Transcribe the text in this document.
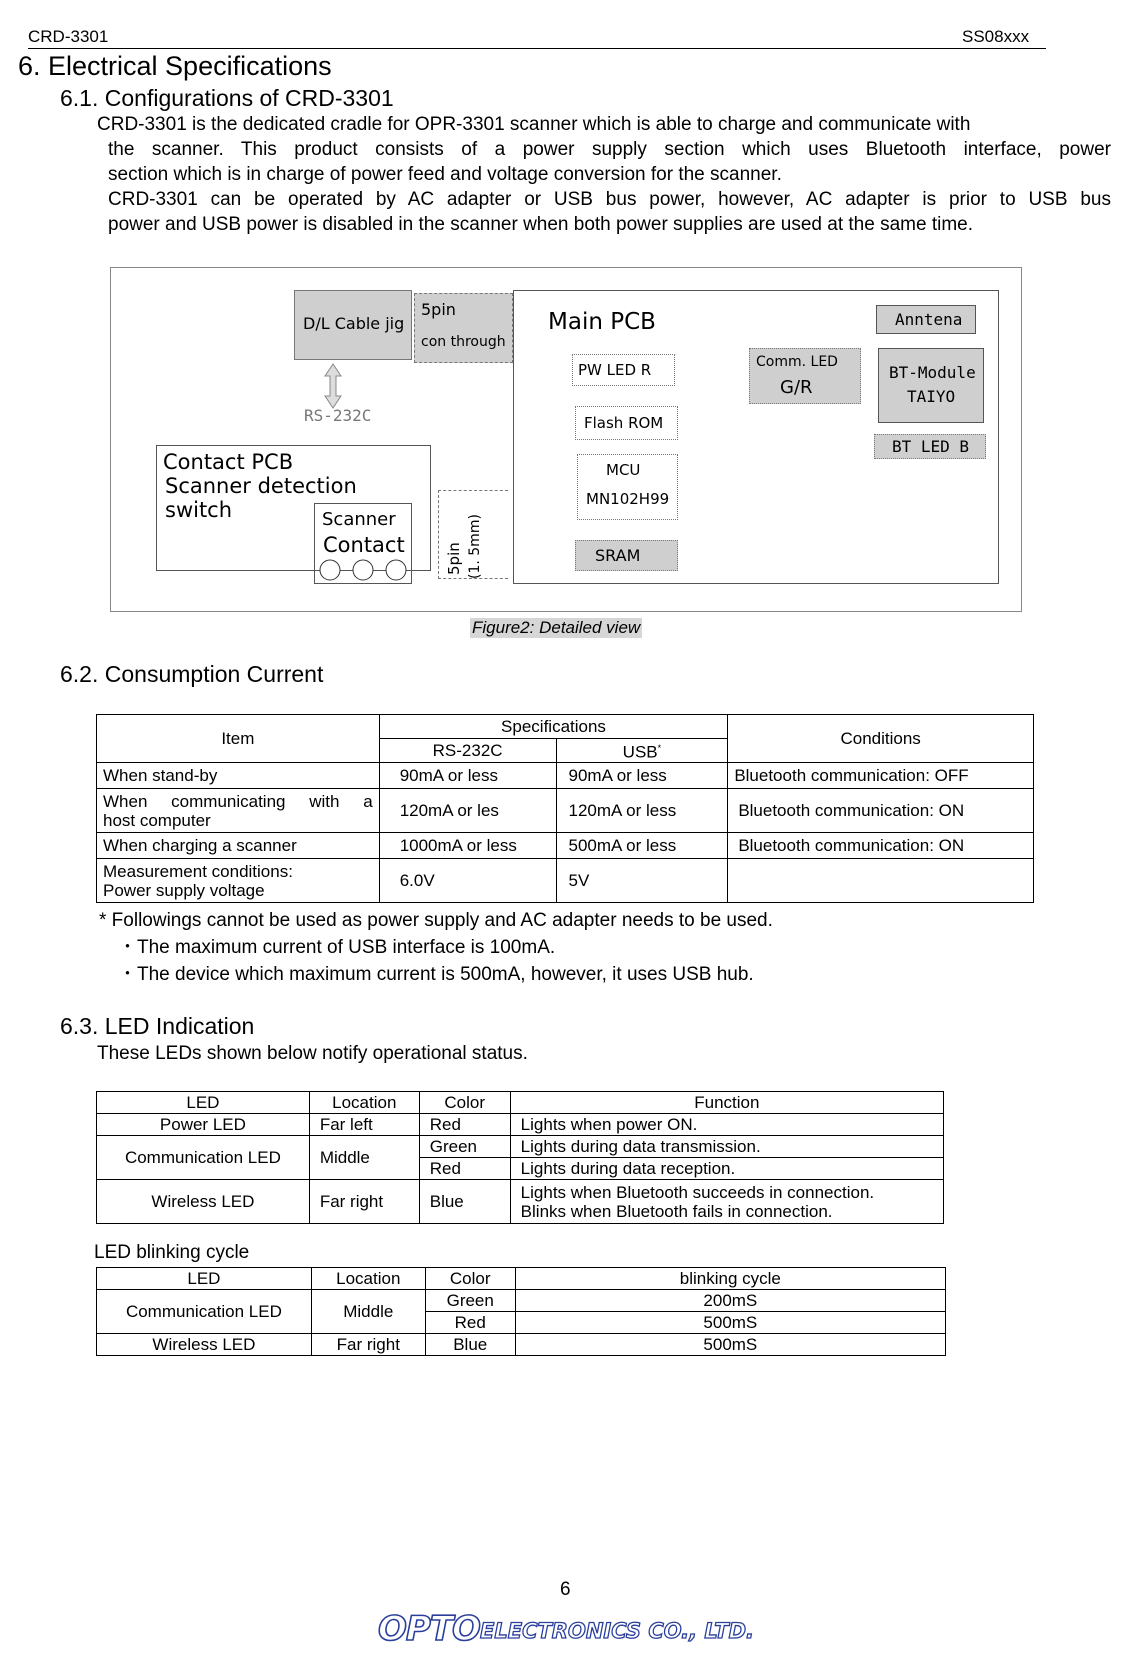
CRD-3301	SS08xxx
6. Electrical Specifications
6.1. Configurations of CRD-3301
CRD-3301 is the dedicated cradle for OPR-3301 scanner which is able to charge and communicate with
the scanner. This product consists of a power supply section which uses Bluetooth interface, power
section which is in charge of power feed and voltage conversion for the scanner.
CRD-3301 can be operated by AC adapter or USB bus power, however, AC adapter is prior to USB bus
power and USB power is disabled in the scanner when both power supplies are used at the same time.
D/L Cable jig
5pin
con through
RS-232C
Contact PCB
Scanner detection switch	Scanner
Contact	5pin (1. 5mm)
Main PCB
PW LED R
Flash ROM
MCU
MN102H99
SRAM
Comm. LED
G/R
Anntena
BT-Module
TAIYO
BT LED B
Figure2: Detailed view
6.2. Consumption Current
Item	Specifications		Conditions
	RS-232C	USB*
When stand-by	90mA or less	90mA or less	Bluetooth communication: OFF

When communicating with a
host computer	120mA or les	120mA or less	Bluetooth communication: ON
When charging a scanner	1000mA or less	500mA or less	Bluetooth communication: ON

Measurement conditions:
Power supply voltage	6.0V	5V	
* Followings cannot be used as power supply and AC adapter needs to be used.
・The maximum current of USB interface is 100mA.
・The device which maximum current is 500mA, however, it uses USB hub.
6.3. LED Indication
These LEDs shown below notify operational status.
LED	Location	Color	Function
Power LED	Far left	Red	Lights when power ON.
Communication LED	Middle	Green	Lights during data transmission.
		Red	Lights during data reception.
Wireless LED	Far right	Blue	Lights when Bluetooth succeeds in connection.
Blinks when Bluetooth fails in connection.
LED blinking cycle
LED	Location	Color	blinking cycle
Communication LED	Middle	Green	200mS
		Red	500mS
Wireless LED	Far right	Blue	500mS
6
OPTO ELECTRONICS CO., LTD.
